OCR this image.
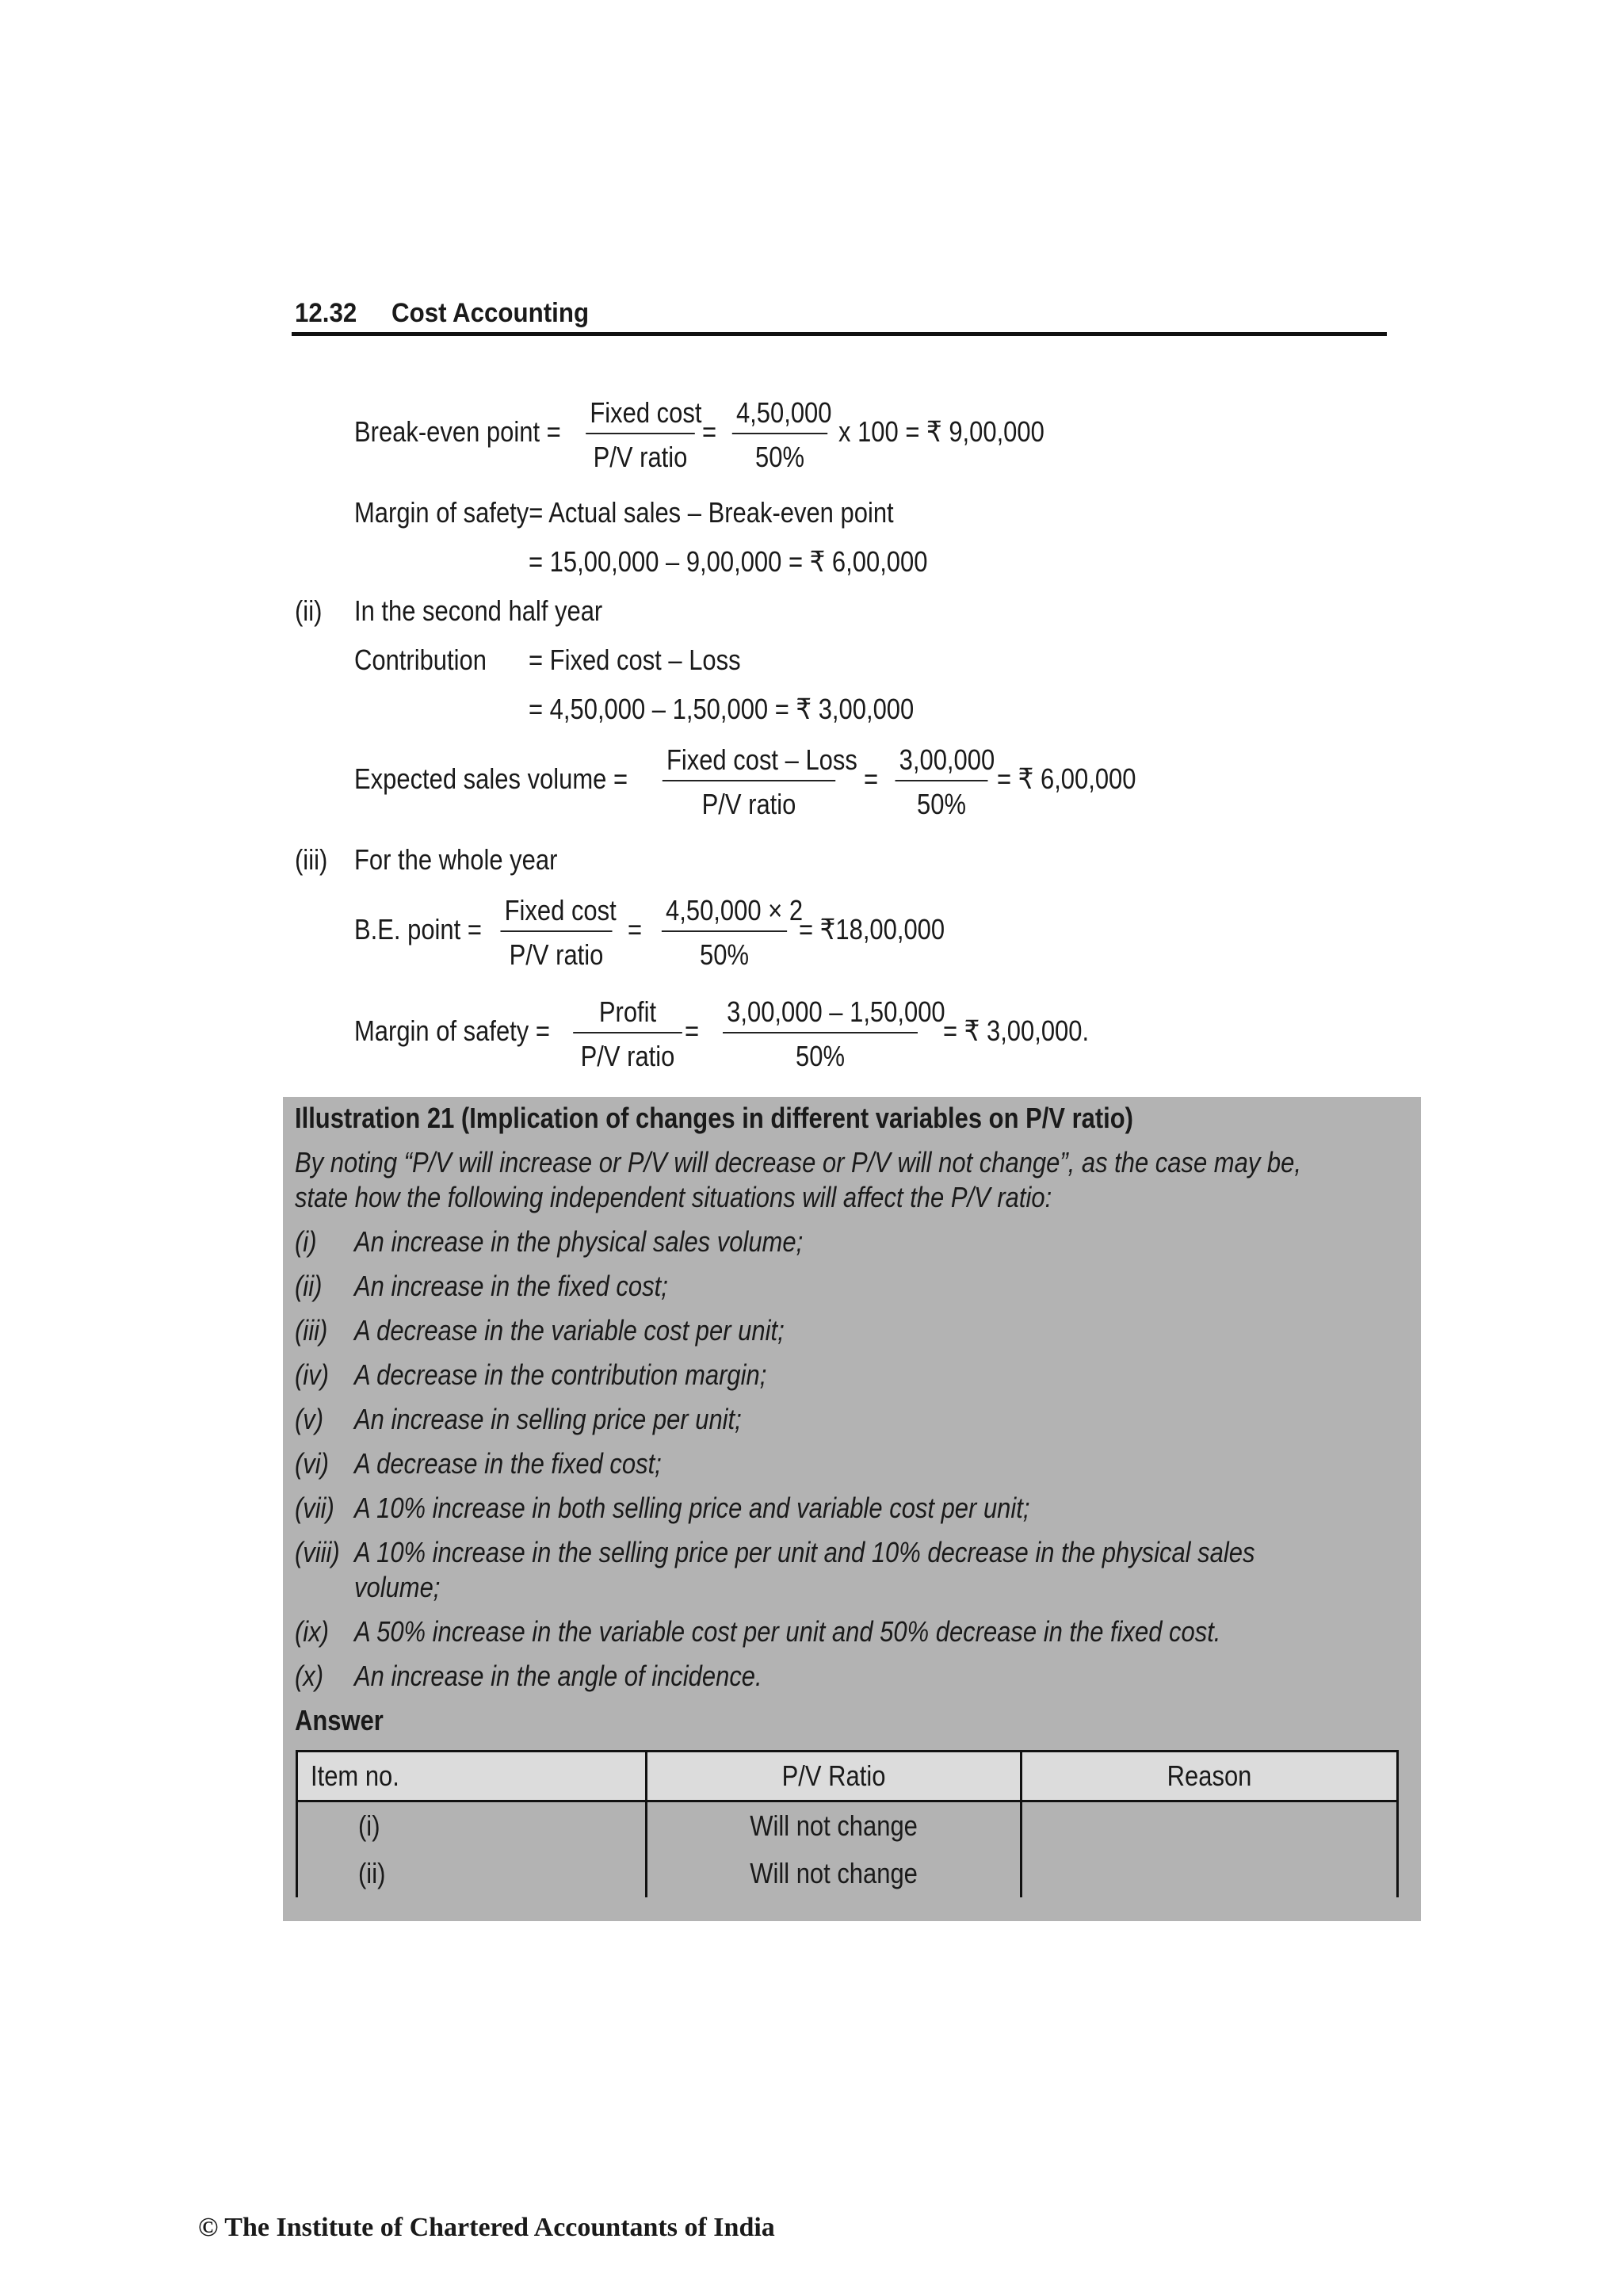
12.32 Cost Accounting
Break-even point =
Fixed cost
P/V ratio
= $\frac{4,50,000}{50\%}$ x 100 = ₹ 9,00,000
Margin of safety= Actual sales – Break-even point
= 15,00,000 – 9,00,000 = ₹ 6,00,000
(ii) In the second half year
Contribution = Fixed cost – Loss
= 4,50,000 – 1,50,000 = ₹ 3,00,000
Expected sales volume =
Fixed cost – Loss
P/V ratio
= $\frac{3,00,000}{50\%}$ = ₹ 6,00,000
(iii) For the whole year
B.E. point =
Fixed cost
P/V ratio
= $\frac{4,50,000 \times 2}{50\%}$ = ₹18,00,000
Margin of safety =
Profit
P/V ratio
= $\frac{3,00,000 - 1,50,000}{50\%}$ = ₹ 3,00,000.
Illustration 21 (Implication of changes in different variables on P/V ratio)
By noting “P/V will increase or P/V will decrease or P/V will not change”, as the case may be,
state how the following independent situations will affect the P/V ratio:
(i) An increase in the physical sales volume;
(ii) An increase in the fixed cost;
(iii) A decrease in the variable cost per unit;
(iv) A decrease in the contribution margin;
(v) An increase in selling price per unit;
(vi) A decrease in the fixed cost;
(vii) A 10% increase in both selling price and variable cost per unit;
(viii) A 10% increase in the selling price per unit and 10% decrease in the physical sales
volume;
(ix) A 50% increase in the variable cost per unit and 50% decrease in the fixed cost.
(x) An increase in the angle of incidence.
Answer
Item no.	P/V Ratio	Reason
(i)	Will not change	
(ii)	Will not change	
© The Institute of Chartered Accountants of India
